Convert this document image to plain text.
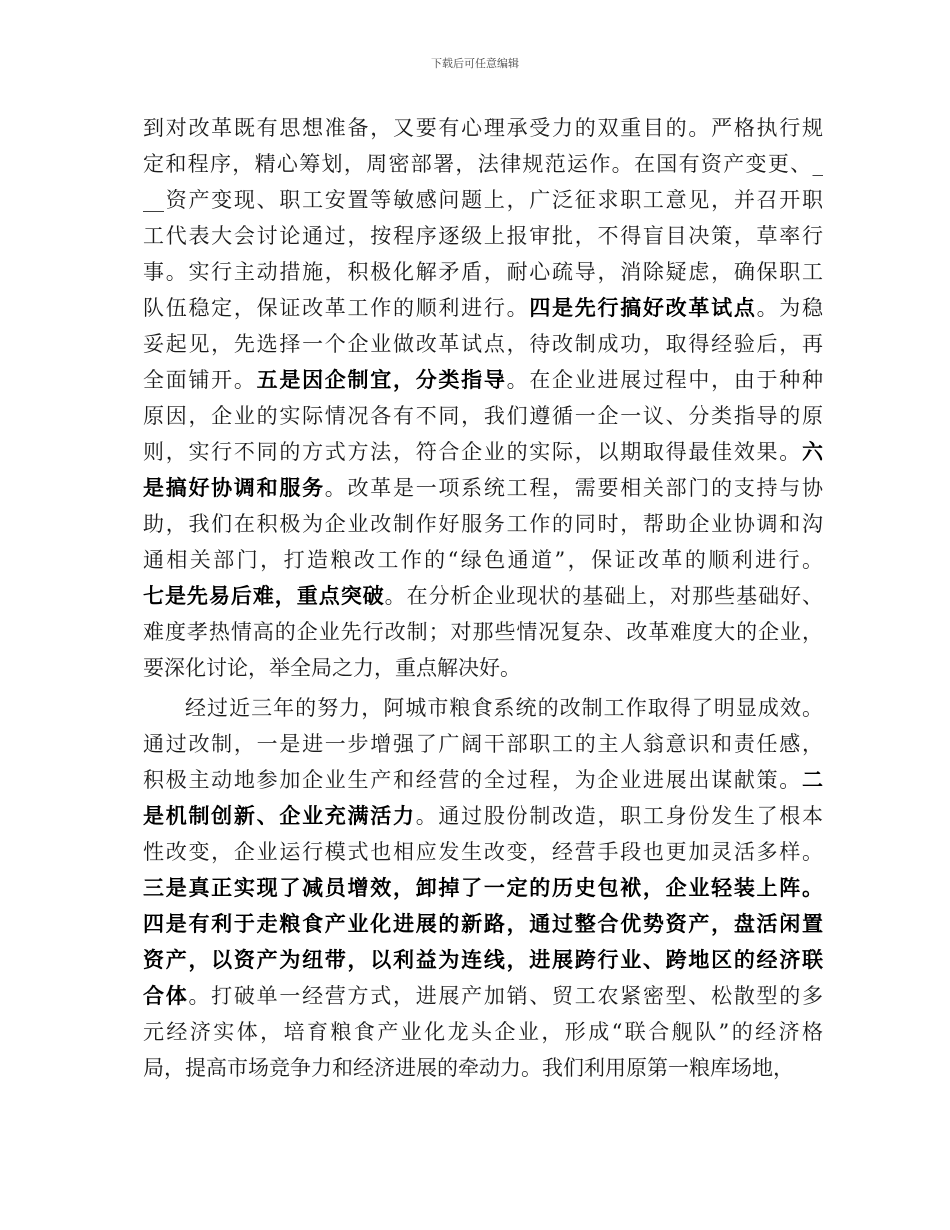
下载后可任意编辑
到对改革既有思想准备，又要有心理承受力的双重目的。严格执行规
定和程序，精心筹划，周密部署，法律规范运作。在国有资产变更、_
__资产变现、职工安置等敏感问题上，广泛征求职工意见，并召开职
工代表大会讨论通过，按程序逐级上报审批，不得盲目决策，草率行
事。实行主动措施，积极化解矛盾，耐心疏导，消除疑虑，确保职工
队伍稳定，保证改革工作的顺利进行。四是先行搞好改革试点。为稳
妥起见，先选择一个企业做改革试点，待改制成功，取得经验后，再
全面铺开。五是因企制宜，分类指导。在企业进展过程中，由于种种
原因，企业的实际情况各有不同，我们遵循一企一议、分类指导的原
则，实行不同的方式方法，符合企业的实际，以期取得最佳效果。六
是搞好协调和服务。改革是一项系统工程，需要相关部门的支持与协
助，我们在积极为企业改制作好服务工作的同时，帮助企业协调和沟
通相关部门，打造粮改工作的“绿色通道”，保证改革的顺利进行。
七是先易后难，重点突破。在分析企业现状的基础上，对那些基础好、
难度孝热情高的企业先行改制；对那些情况复杂、改革难度大的企业，
要深化讨论，举全局之力，重点解决好。
经过近三年的努力，阿城市粮食系统的改制工作取得了明显成效。
通过改制，一是进一步增强了广阔干部职工的主人翁意识和责任感，
积极主动地参加企业生产和经营的全过程，为企业进展出谋献策。二
是机制创新、企业充满活力。通过股份制改造，职工身份发生了根本
性改变，企业运行模式也相应发生改变，经营手段也更加灵活多样。
三是真正实现了减员增效，卸掉了一定的历史包袱，企业轻装上阵。
四是有利于走粮食产业化进展的新路，通过整合优势资产，盘活闲置
资产，以资产为纽带，以利益为连线，进展跨行业、跨地区的经济联
合体。打破单一经营方式，进展产加销、贸工农紧密型、松散型的多
元经济实体，培育粮食产业化龙头企业，形成“联合舰队”的经济格
局，提高市场竞争力和经济进展的牵动力。我们利用原第一粮库场地，
